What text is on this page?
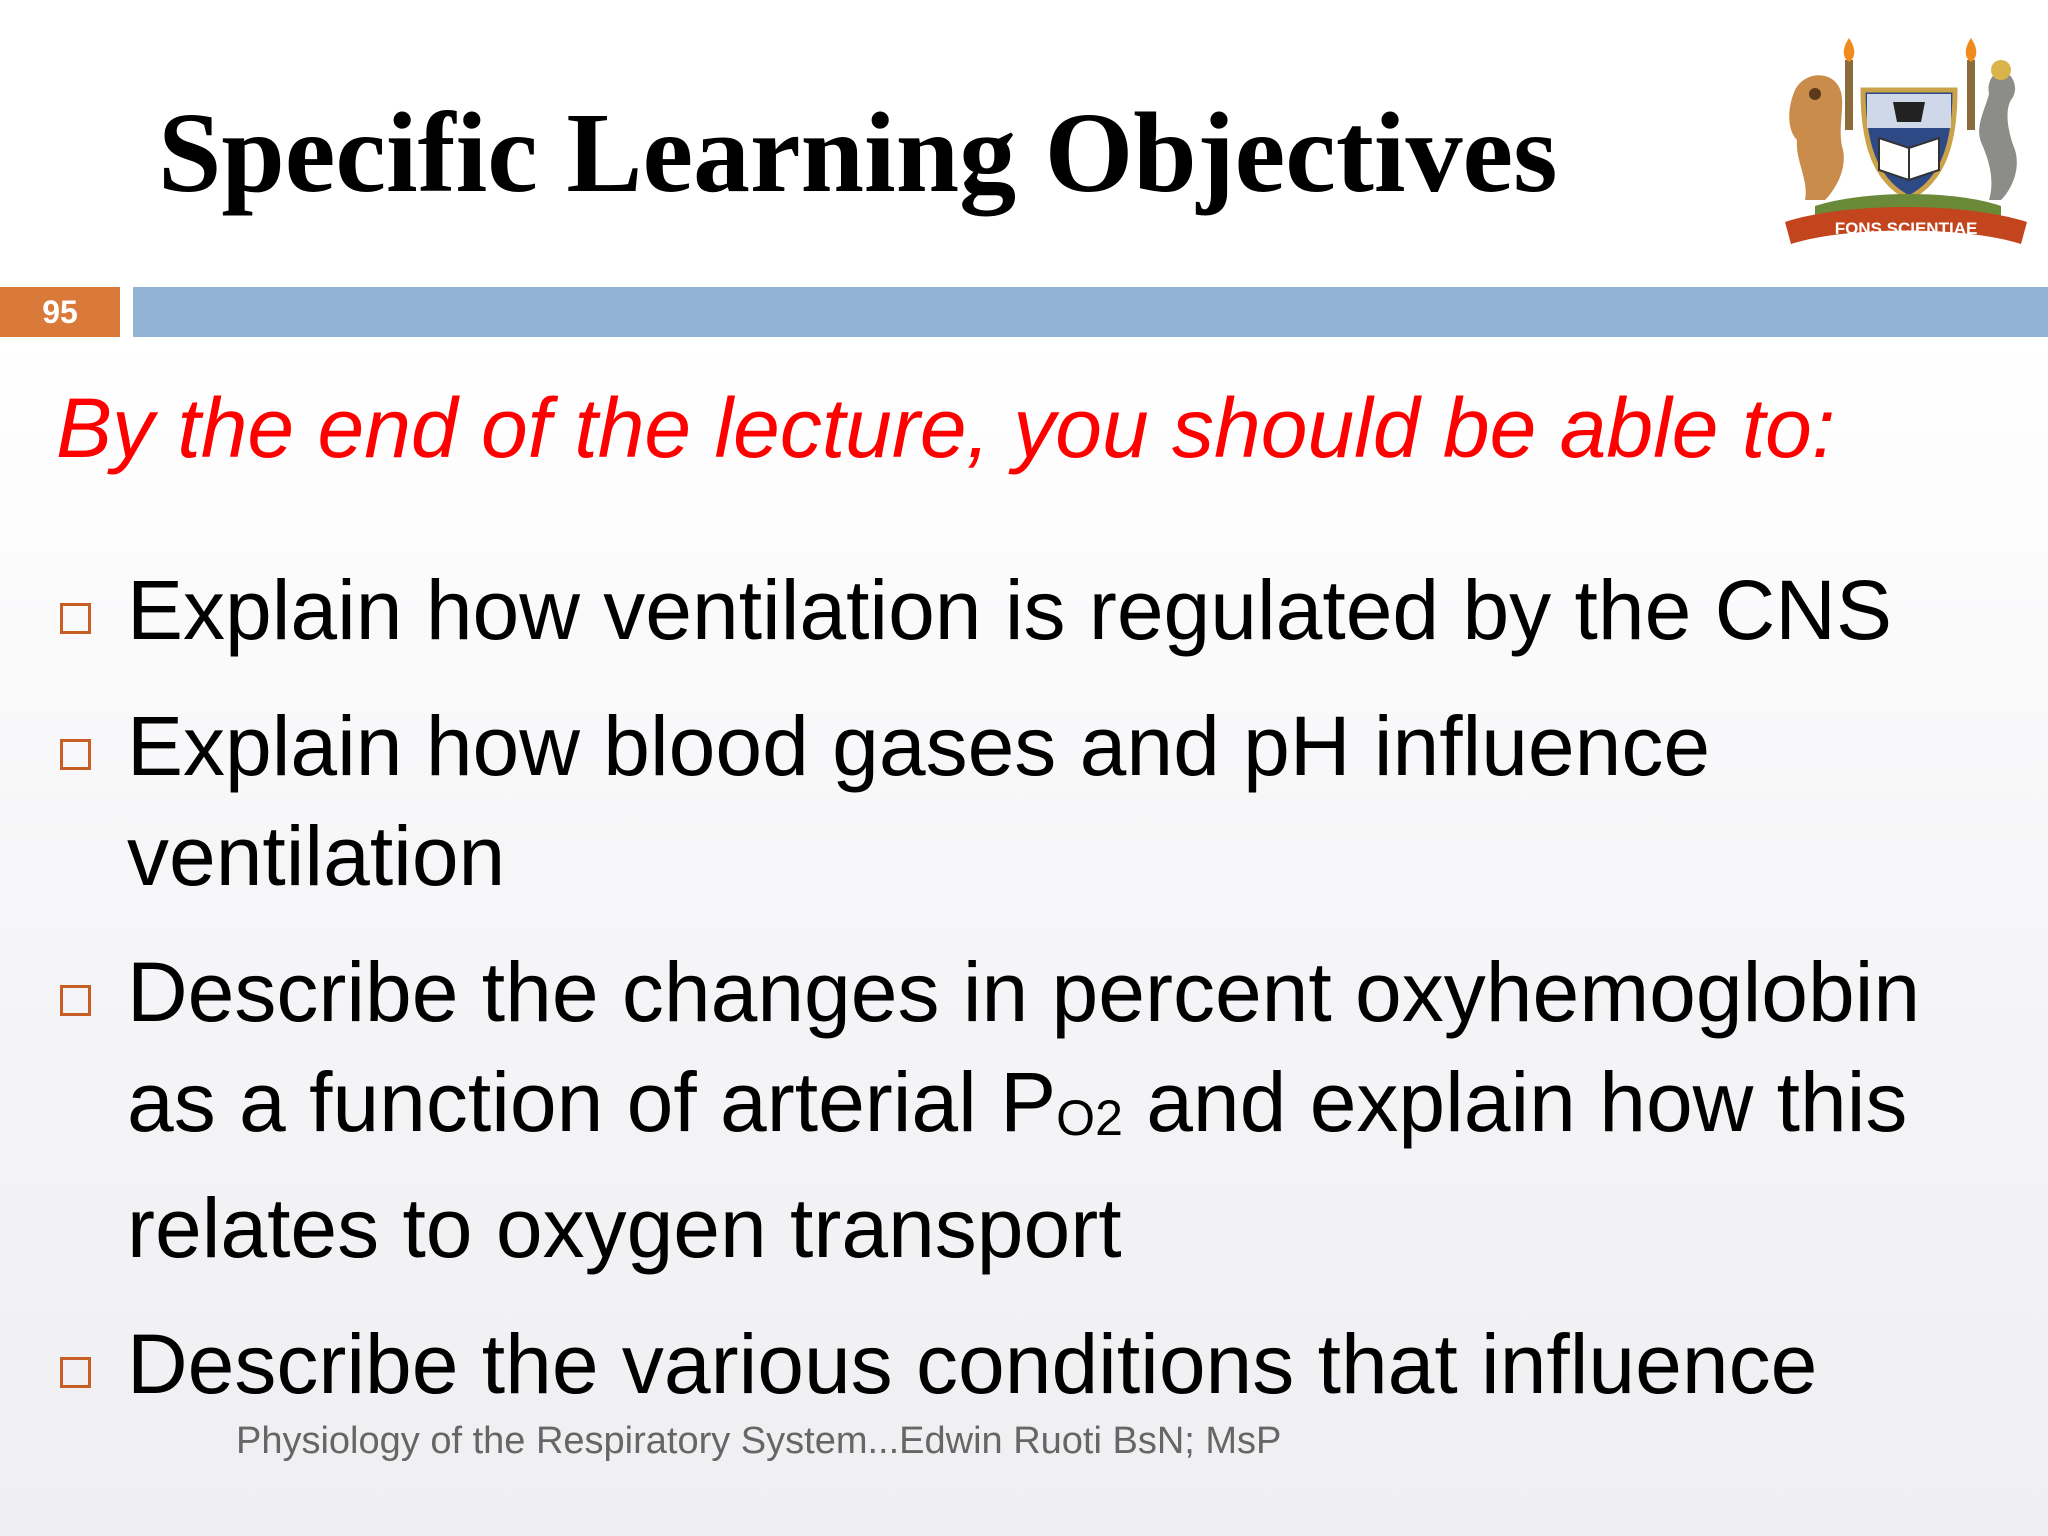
Specific Learning Objectives
FONS SCIENTIAE
95
By the end of the lecture, you should be able to:
Explain how ventilation is regulated by the CNS
Explain how blood gases and pH influence ventilation
Describe the changes in percent oxyhemoglobin as a function of arterial $P_{O2}$ and explain how this relates to oxygen transport
Describe the various conditions that influence
Physiology of the Respiratory System...Edwin Ruoti BsN; MsP
